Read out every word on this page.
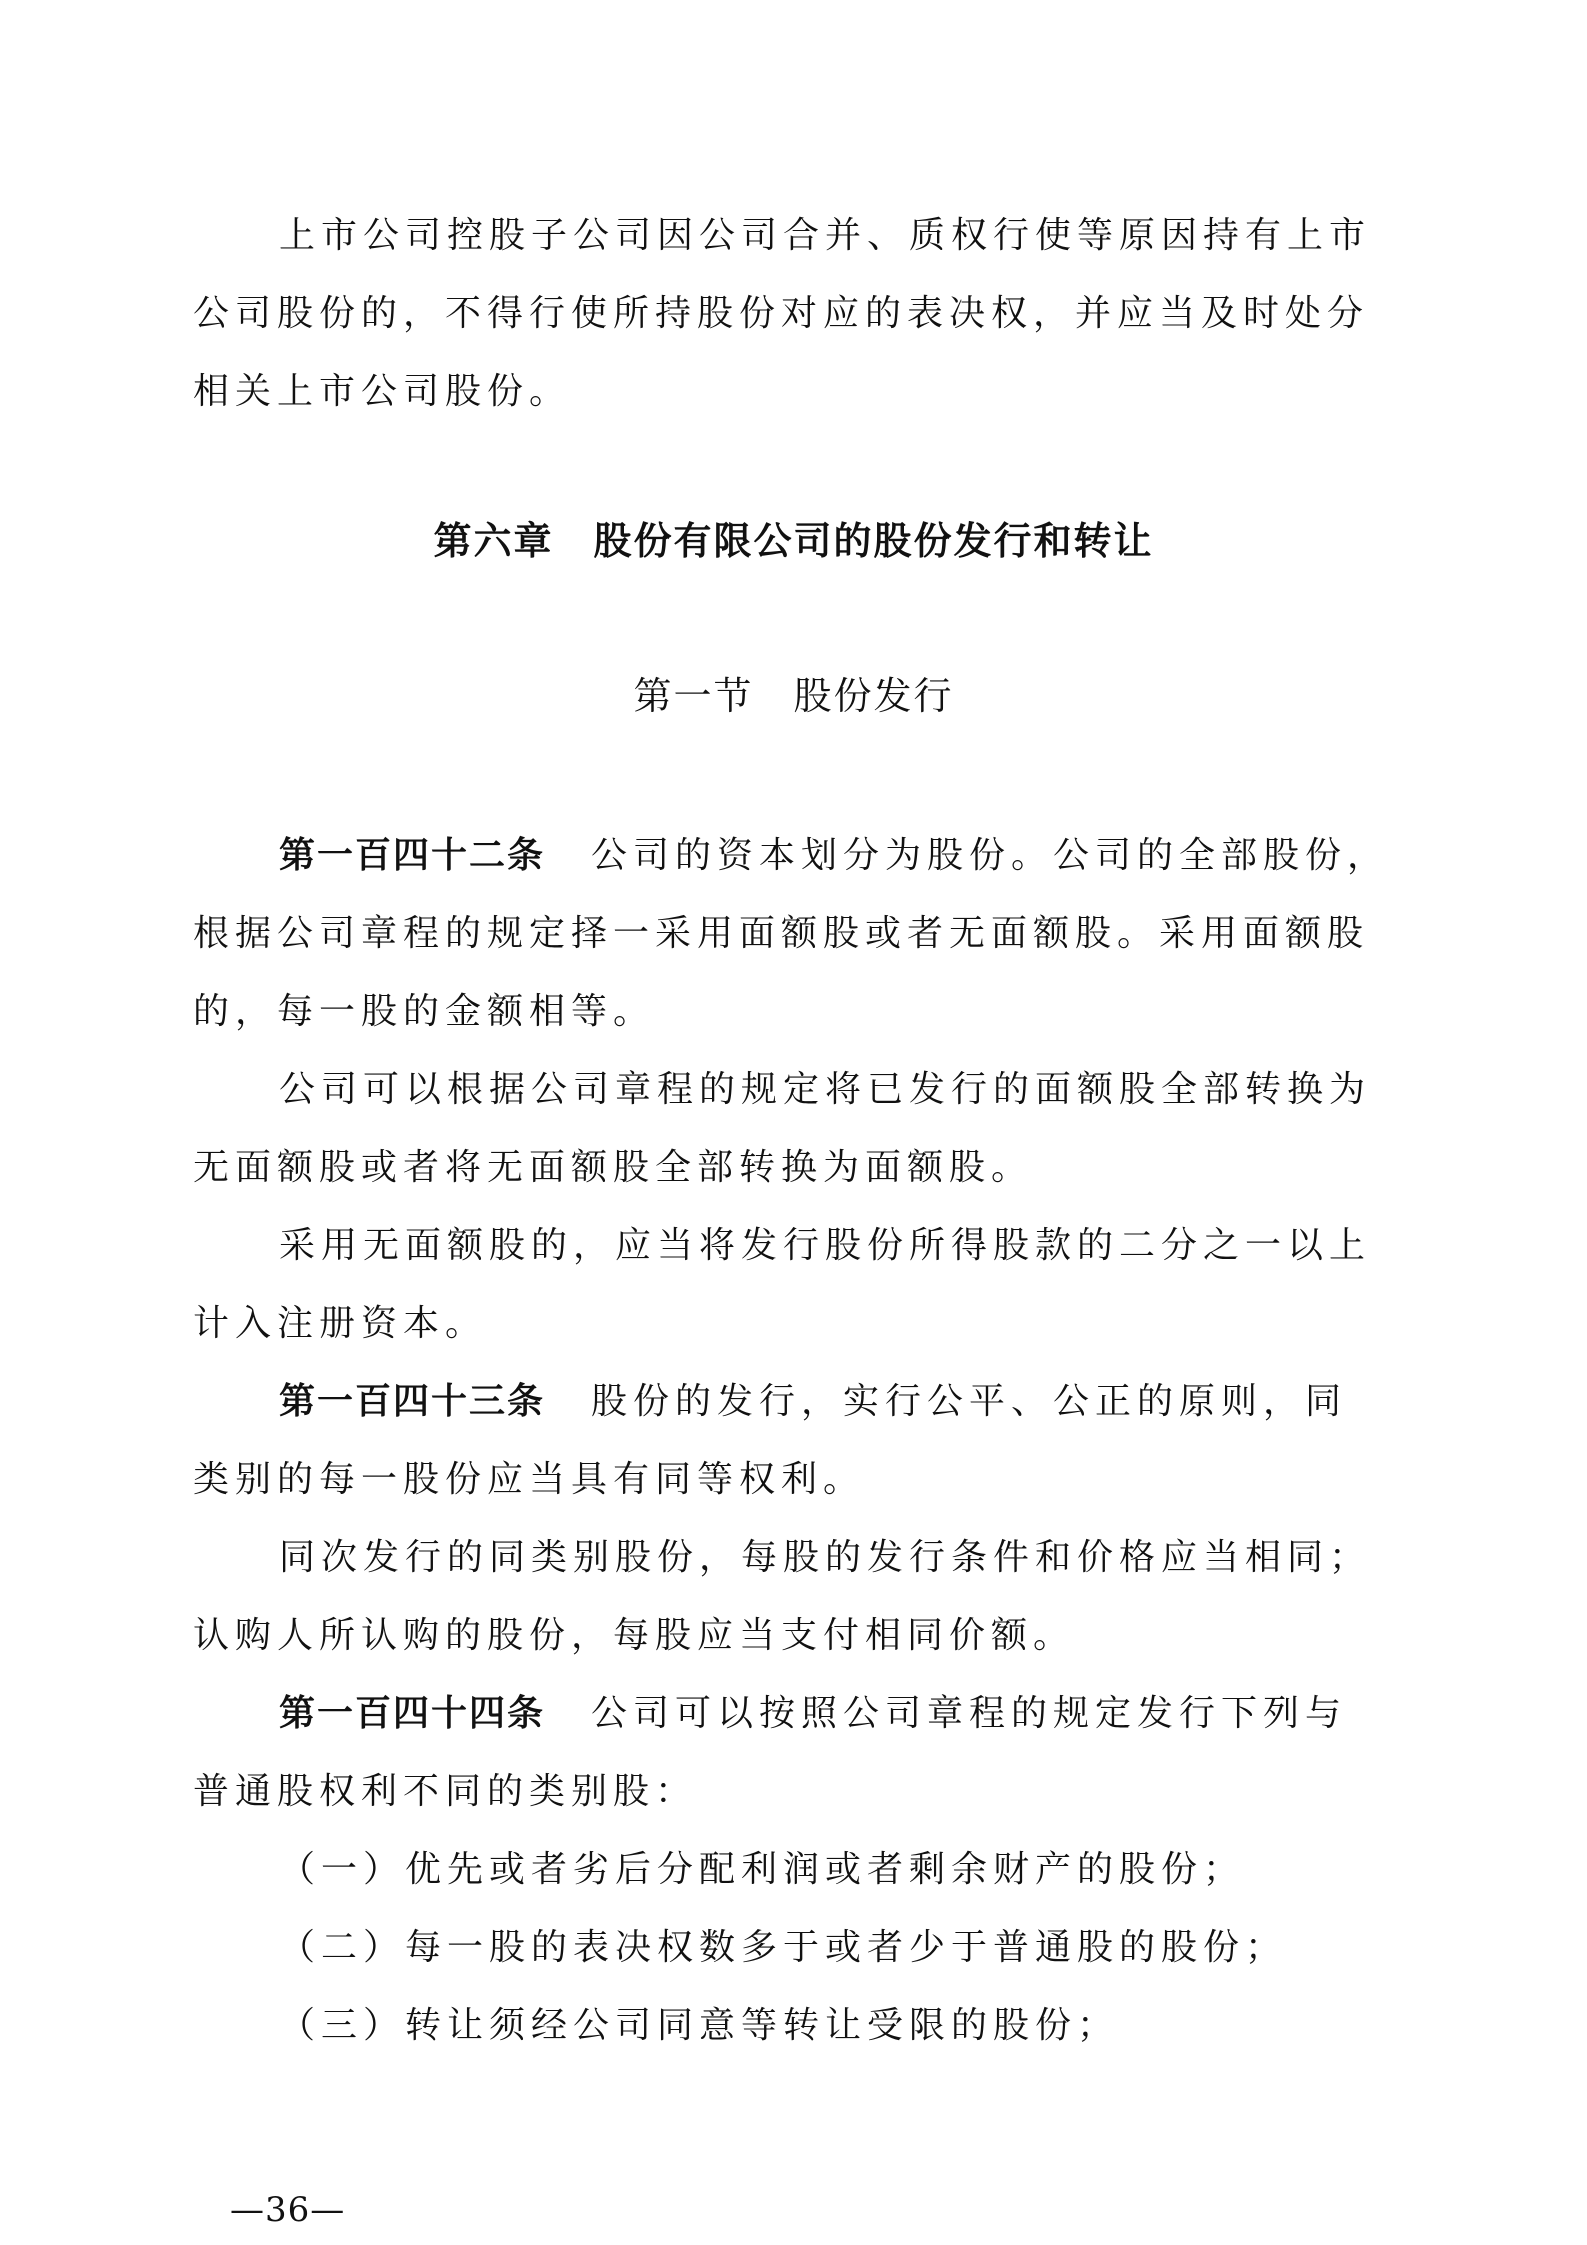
上市公司控股子公司因公司合并、质权行使等原因持有上市
公司股份的，不得行使所持股份对应的表决权，并应当及时处分
相关上市公司股份。
第六章　股份有限公司的股份发行和转让
第一节　股份发行
第一百四十二条 公司的资本划分为股份。公司的全部股份，
根据公司章程的规定择一采用面额股或者无面额股。采用面额股
的，每一股的金额相等。
公司可以根据公司章程的规定将已发行的面额股全部转换为
无面额股或者将无面额股全部转换为面额股。
采用无面额股的，应当将发行股份所得股款的二分之一以上
计入注册资本。
第一百四十三条 股份的发行，实行公平、公正的原则，同
类别的每一股份应当具有同等权利。
同次发行的同类别股份，每股的发行条件和价格应当相同；
认购人所认购的股份，每股应当支付相同价额。
第一百四十四条 公司可以按照公司章程的规定发行下列与
普通股权利不同的类别股：
（一）优先或者劣后分配利润或者剩余财产的股份；
（二）每一股的表决权数多于或者少于普通股的股份；
（三）转让须经公司同意等转让受限的股份；
—36—
